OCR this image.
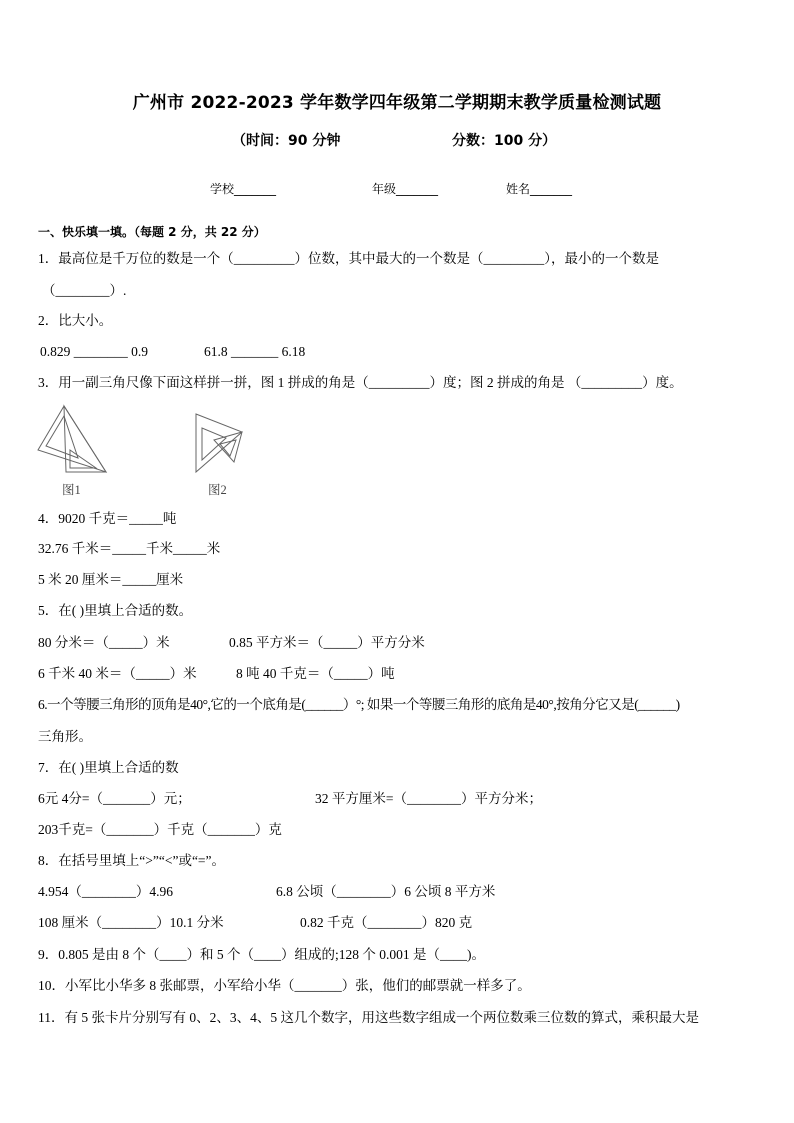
广州市 2022-2023 学年数学四年级第二学期期末教学质量检测试题
（时间：90 分钟	分数：100 分）
学校_______	年级_______	姓名_______
一、快乐填一填。（每题 2 分，共 22 分）
1．最高位是千万位的数是一个（_________）位数，其中最大的一个数是（_________），最小的一个数是
（________）.
2．比大小。
0.829 ________ 0.9	61.8 _______ 6.18
3．用一副三角尺像下面这样拼一拼，图 1 拼成的角是（_________）度；图 2 拼成的角是 （_________）度。
图1	图2
4．9020 千克＝_____吨
32.76 千米＝_____千米_____米
5 米 20 厘米＝_____厘米
5．在( )里填上合适的数。
80 分米＝（_____）米	0.85 平方米＝（_____）平方分米
6 千米 40 米＝（_____）米	8 吨 40 千克＝（_____）吨
6.一个等腰三角形的顶角是40°,它的一个底角是(______）°; 如果一个等腰三角形的底角是40°,按角分它又是(______)
三角形。
7．在( )里填上合适的数
6元 4分=（_______）元；	32 平方厘米=（________）平方分米；
203千克=（_______）千克（_______）克
8．在括号里填上“>”“<”或“=”。
4.954（________）4.96	6.8 公顷（________）6 公顷 8 平方米
108 厘米（________）10.1 分米	0.82 千克（________）820 克
9．0.805 是由 8 个（____）和 5 个（____）组成的;128 个 0.001 是（____)。
10．小军比小华多 8 张邮票，小军给小华（_______）张，他们的邮票就一样多了。
11．有 5 张卡片分别写有 0、2、3、4、5 这几个数字，用这些数字组成一个两位数乘三位数的算式，乘积最大是
